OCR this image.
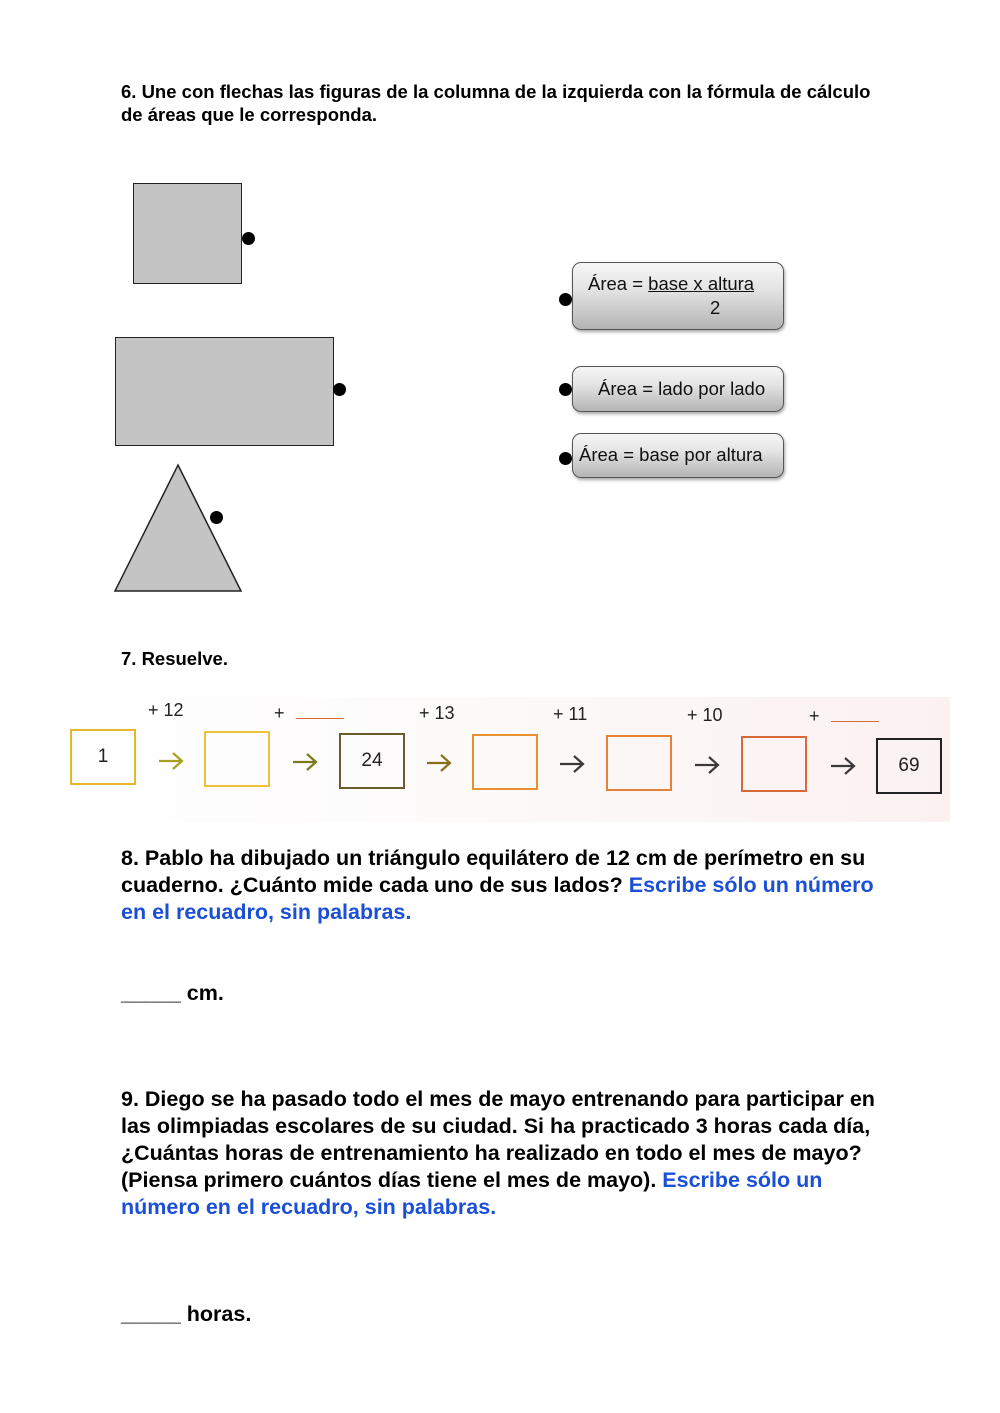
6. Une con flechas las figuras de la columna de la izquierda con la fórmula de cálculo de áreas que le corresponda.
Área = base x altura
2
Área = lado por lado
Área = base por altura
7. Resuelve.
+ 12	+	+ 13	+ 11	+ 10	+
1	24	69
8. Pablo ha dibujado un triángulo equilátero de 12 cm de perímetro en su cuaderno. ¿Cuánto mide cada uno de sus lados? Escribe sólo un número en el recuadro, sin palabras.
_____ cm.
9. Diego se ha pasado todo el mes de mayo entrenando para participar en las olimpiadas escolares de su ciudad. Si ha practicado 3 horas cada día, ¿Cuántas horas de entrenamiento ha realizado en todo el mes de mayo? (Piensa primero cuántos días tiene el mes de mayo). Escribe sólo un número en el recuadro, sin palabras.
_____ horas.
